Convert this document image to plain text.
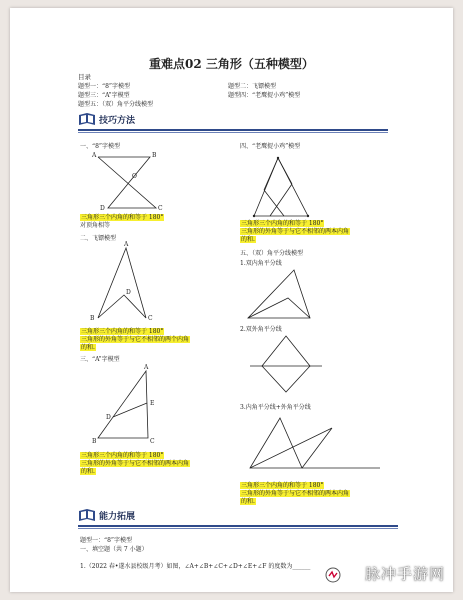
重难点02 三角形（五种模型）
目录
题型一：“8”字模型	题型二：飞镖模型
题型三：“A”字模型	题型四：“老鹰捉小鸡”模型
题型五：（双）角平分线模型
技巧方法
一、“8”字模型
A	B
D	C
O
三角形三个内角的和等于 180°
对顶角相等
二、飞镖模型
A
B	C
D
三角形三个内角的和等于 180°
三角形的外角等于与它不相邻的两个内角
的和.
三、“A”字模型
A
B	C
D
E
三角形三个内角的和等于 180°
三角形的外角等于与它不相邻的两本内角
的和.
四、“老鹰捉小鸡”模型
三角形三个内角的和等于 180°
三角形的外角等于与它不相邻的两本内角
的和.
五、（双）角平分线模型
1.双内角平分线
2.双外角平分线
3.内角平分线+外角平分线
三角形三个内角的和等于 180°
三角形的外角等于与它不相邻的两本内角
的和.
能力拓展
题型一：“8”字模型
一、填空题（共 7 小题）
1.（2022 春•遂水县校级月考）如图，∠A+∠B+∠C+∠D+∠E+∠F 的度数为______	脉冲手游网
